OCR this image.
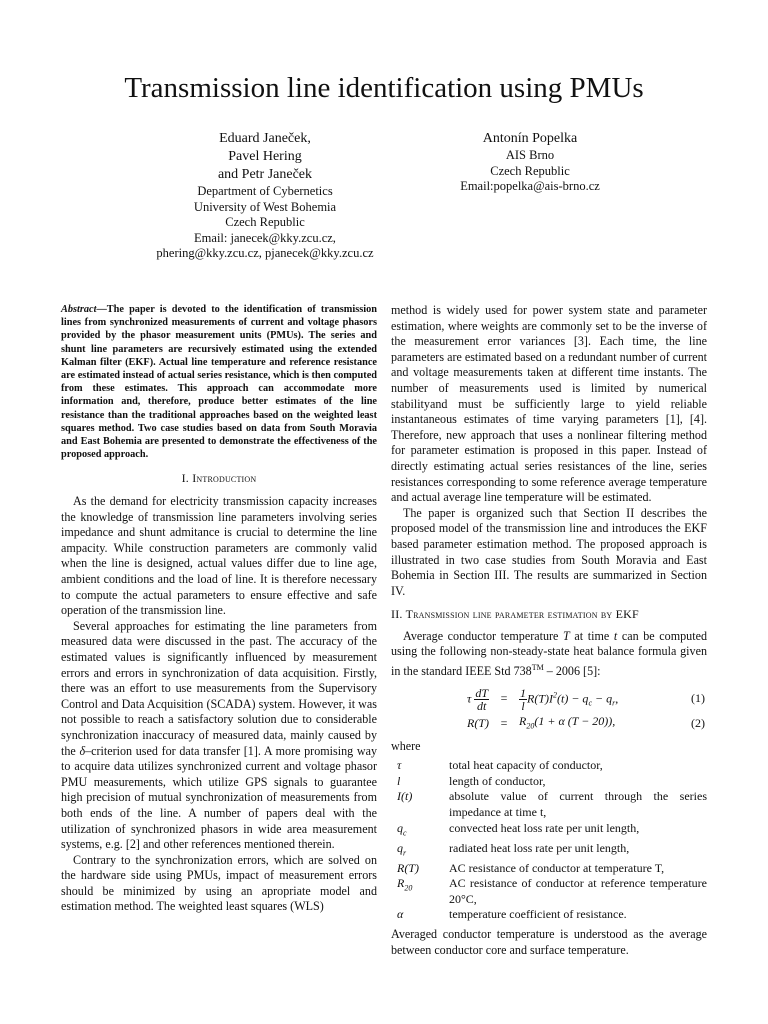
Transmission line identification using PMUs
Eduard Janeček,
Pavel Hering
and Petr Janeček
Department of Cybernetics
University of West Bohemia
Czech Republic
Email: janecek@kky.zcu.cz,
phering@kky.zcu.cz, pjanecek@kky.zcu.cz
Antonín Popelka
AIS Brno
Czech Republic
Email:popelka@ais-brno.cz

Abstract—The paper is devoted to the identification of transmission lines from synchronized measurements of current and voltage phasors provided by the phasor measurement units (PMUs). The series and shunt line parameters are recursively estimated using the extended Kalman filter (EKF). Actual line temperature and reference resistance are estimated instead of actual series resistance, which is then computed from these estimates. This approach can accommodate more information and, therefore, produce better estimates of the line resistance than the traditional approaches based on the weighted least squares method. Two case studies based on data from South Moravia and East Bohemia are presented to demonstrate the effectiveness of the proposed approach.

I. Introduction

As the demand for electricity transmission capacity increases the knowledge of transmission line parameters involving series impedance and shunt admitance is crucial to determine the line ampacity. While construction parameters are commonly valid when the line is designed, actual values differ due to line age, ambient conditions and the load of line. It is therefore necessary to compute the actual parameters to ensure effective and safe operation of the transmission line.

Several approaches for estimating the line parameters from measured data were discussed in the past. The accuracy of the estimated values is significantly influenced by measurement errors and errors in synchronization of data acquisition. Firstly, there was an effort to use measurements from the Supervisory Control and Data Acquisition (SCADA) system. However, it was not possible to reach a satisfactory solution due to considerable synchronization inaccuracy of measured data, mainly caused by the δ–criterion used for data transfer [1]. A more promising way to acquire data utilizes synchronized current and voltage phasor PMU measurements, which utilize GPS signals to guarantee high precision of mutual synchronization of measurements from both ends of the line. A number of papers deal with the utilization of synchronized phasors in wide area measurement systems, e.g. [2] and other references mentioned therein.

Contrary to the synchronization errors, which are solved on the hardware side using PMUs, impact of measurement errors should be minimized by using an apropriate model and estimation method. The weighted least squares (WLS)

method is widely used for power system state and parameter estimation, where weights are commonly set to be the inverse of the measurement error variances [3]. Each time, the line parameters are estimated based on a redundant number of current and voltage measurements taken at different time instants. The number of measurements used is limited by numerical stabilityand must be sufficiently large to yield reliable instantaneous estimates of time varying parameters [1], [4]. Therefore, new approach that uses a nonlinear filtering method for parameter estimation is proposed in this paper. Instead of directly estimating actual series resistances of the line, series resistances corresponding to some reference average temperature and actual average line temperature will be estimated.

The paper is organized such that Section II describes the proposed model of the transmission line and introduces the EKF based parameter estimation method. The proposed approach is illustrated in two case studies from South Moravia and East Bohemia in Section III. The results are summarized in Section IV.

II. Transmission line parameter estimation by EKF

Average conductor temperature T at time t can be computed using the following non-steady-state heat balance formula given in the standard IEEE Std 738™ – 2006 [5]:

τ $\frac{dT}{dt}$	=	$\frac{1}{l} R(T)I^2(t) - q_c - q_r$,	(1)
R(T)	=	$R_{20}(1 + \alpha$ (T − 20)),	(2)
where
τ	total heat capacity of conductor,
l	length of conductor,
I(t)	absolute value of current through the series impedance at time t,
$q_c$	convected heat loss rate per unit length,
$q_r$	radiated heat loss rate per unit length,
R(T)	AC resistance of conductor at temperature T,
$R_{20}$	AC resistance of conductor at reference temperature 20°C,
α	temperature coefficient of resistance.

Averaged conductor temperature is understood as the average between conductor core and surface temperature.
